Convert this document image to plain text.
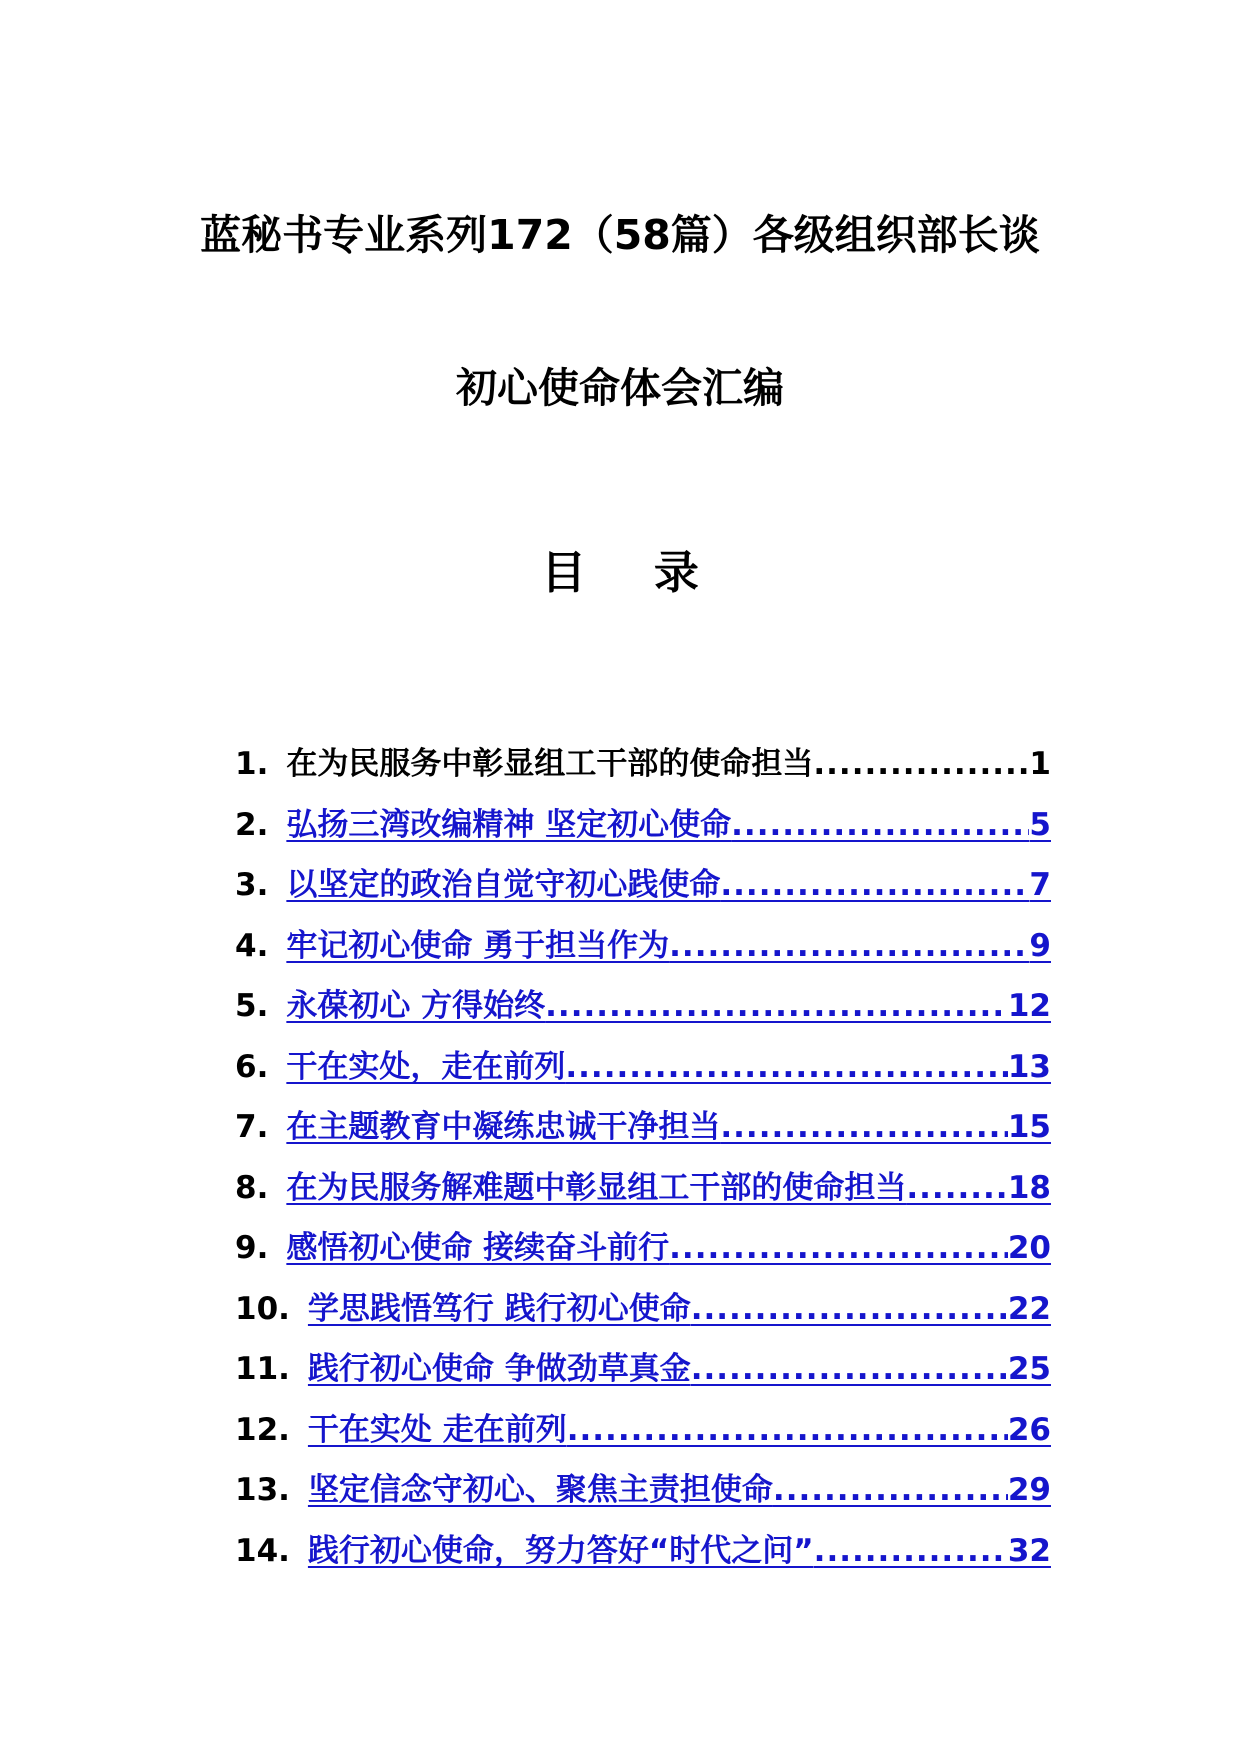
蓝秘书专业系列172（58篇）各级组织部长谈
初心使命体会汇编
目 录
1. 在为民服务中彰显组工干部的使命担当 .....	1
2. 弘扬三湾改编精神 坚定初心使命 .....	5
3. 以坚定的政治自觉守初心践使命 .....	7
4. 牢记初心使命 勇于担当作为 .....	9
5. 永葆初心 方得始终 .....	12
6. 干在实处，走在前列 .....	13
7. 在主题教育中凝练忠诚干净担当 .....	15
8. 在为民服务解难题中彰显组工干部的使命担当 .....	18
9. 感悟初心使命 接续奋斗前行 .....	20
10. 学思践悟笃行 践行初心使命 .....	22
11. 践行初心使命 争做劲草真金 .....	25
12. 干在实处 走在前列 .....	26
13. 坚定信念守初心、聚焦主责担使命 .....	29
14. 践行初心使命，努力答好“时代之问” .....	32
